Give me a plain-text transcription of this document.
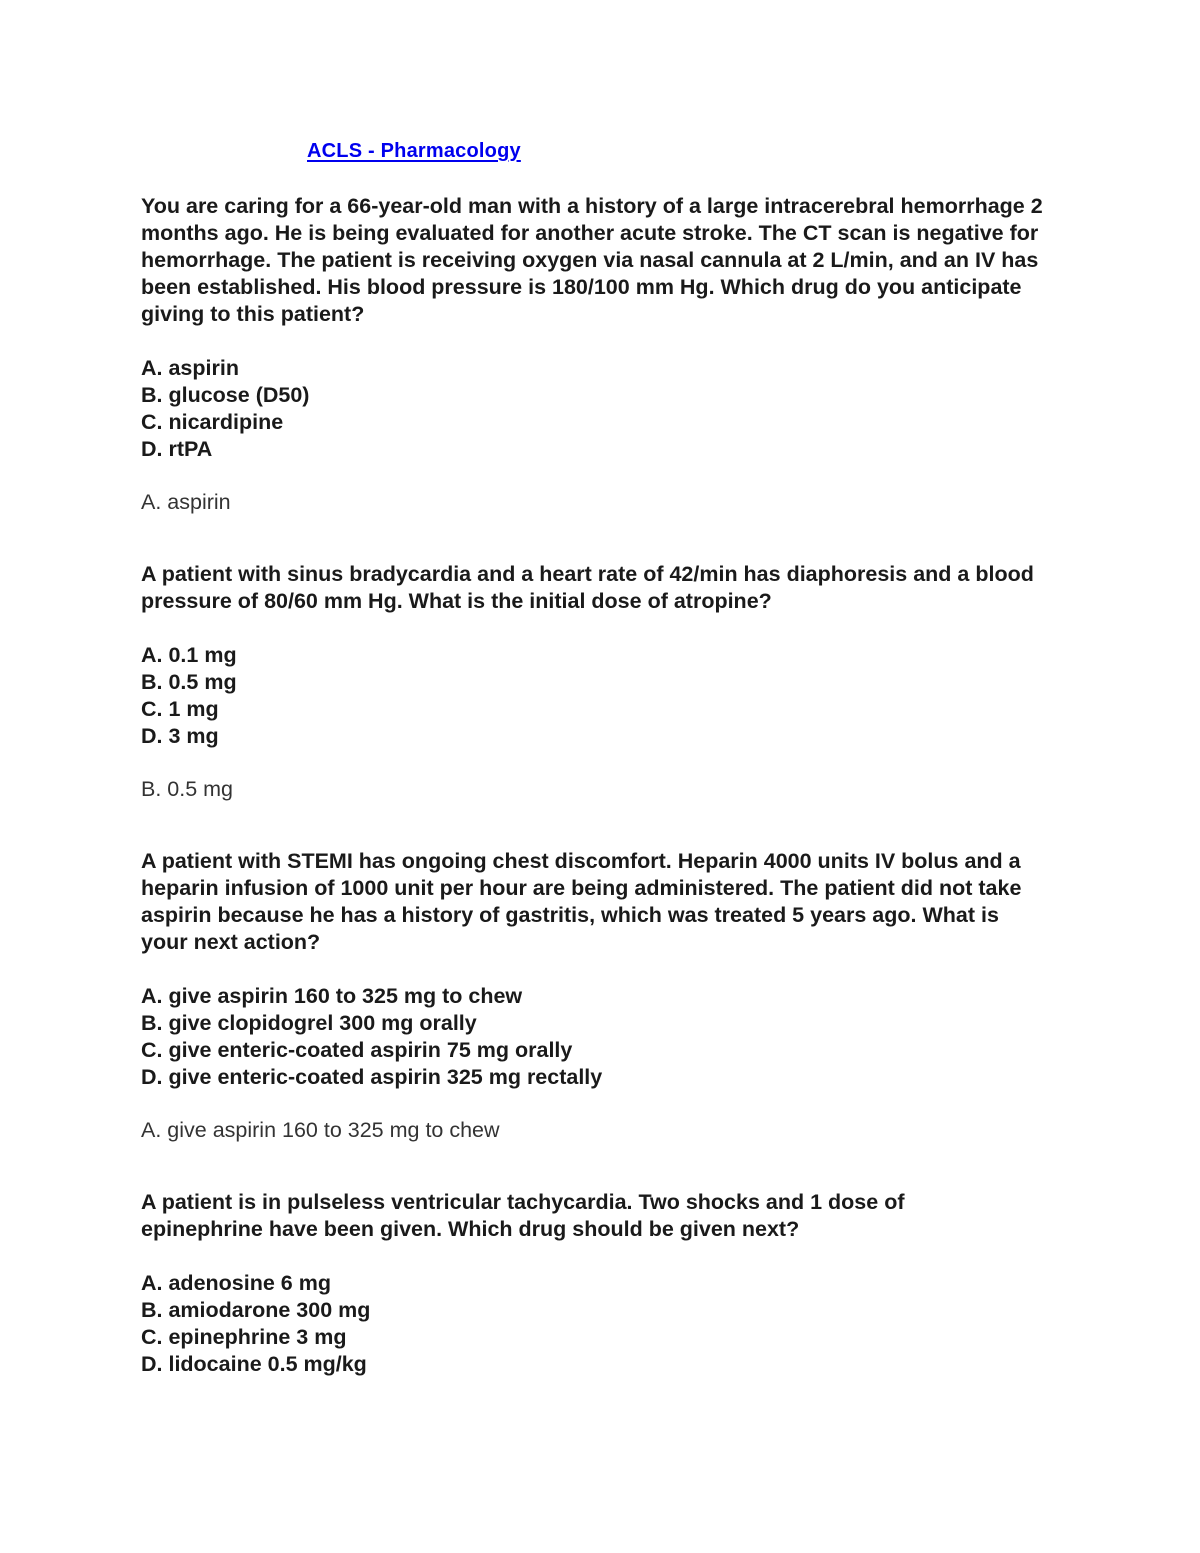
ACLS - Pharmacology

You are caring for a 66-year-old man with a history of a large intracerebral hemorrhage 2 months ago. He is being evaluated for another acute stroke. The CT scan is negative for hemorrhage. The patient is receiving oxygen via nasal cannula at 2 L/min, and an IV has been established. His blood pressure is 180/100 mm Hg. Which drug do you anticipate giving to this patient?

A. aspirin
B. glucose (D50)
C. nicardipine
D. rtPA

A. aspirin

A patient with sinus bradycardia and a heart rate of 42/min has diaphoresis and a blood pressure of 80/60 mm Hg. What is the initial dose of atropine?

A. 0.1 mg
B. 0.5 mg
C. 1 mg
D. 3 mg

B. 0.5 mg

A patient with STEMI has ongoing chest discomfort. Heparin 4000 units IV bolus and a heparin infusion of 1000 unit per hour are being administered. The patient did not take aspirin because he has a history of gastritis, which was treated 5 years ago. What is your next action?

A. give aspirin 160 to 325 mg to chew
B. give clopidogrel 300 mg orally
C. give enteric-coated aspirin 75 mg orally
D. give enteric-coated aspirin 325 mg rectally

A. give aspirin 160 to 325 mg to chew

A patient is in pulseless ventricular tachycardia. Two shocks and 1 dose of epinephrine have been given. Which drug should be given next?

A. adenosine 6 mg
B. amiodarone 300 mg
C. epinephrine 3 mg
D. lidocaine 0.5 mg/kg
